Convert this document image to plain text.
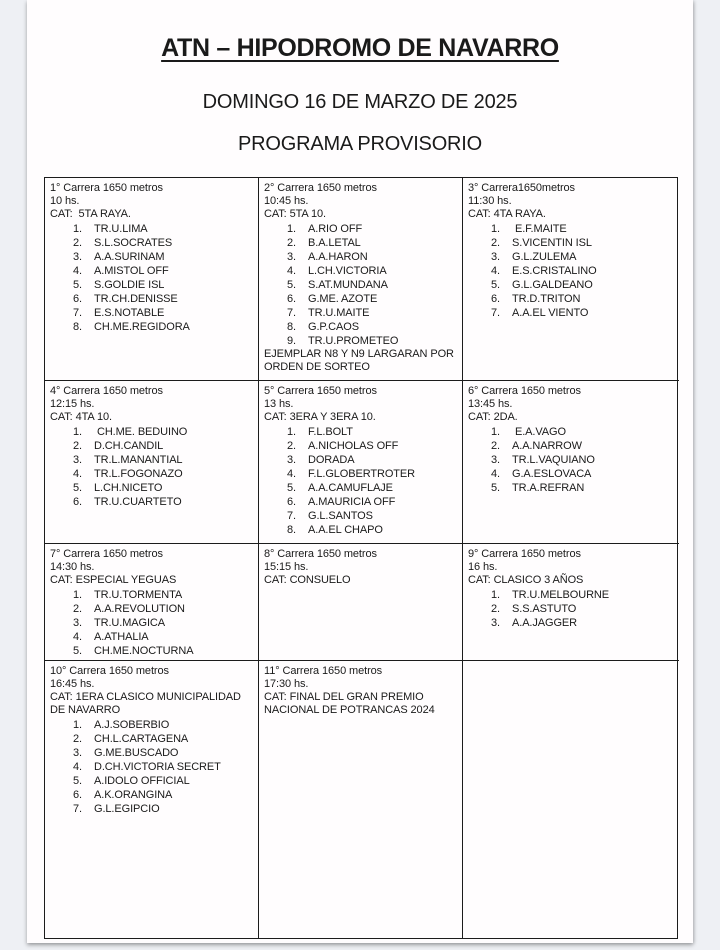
ATN – HIPODROMO DE NAVARRO
DOMINGO 16 DE MARZO DE 2025
PROGRAMA PROVISORIO
1° Carrera 1650 metros
10 hs.
CAT:  5TA RAYA.
1.	TR.U.LIMA
2.	S.L.SOCRATES
3.	A.A.SURINAM
4.	A.MISTOL OFF
5.	S.GOLDIE ISL
6.	TR.CH.DENISSE
7.	E.S.NOTABLE
8.	CH.ME.REGIDORA
2° Carrera 1650 metros
10:45 hs.
CAT: 5TA 10.
1.	A.RIO OFF
2.	B.A.LETAL
3.	A.A.HARON
4.	L.CH.VICTORIA
5.	S.AT.MUNDANA
6.	G.ME. AZOTE
7.	TR.U.MAITE
8.	G.P.CAOS
9.	TR.U.PROMETEO
EJEMPLAR N8 Y N9 LARGARAN POR ORDEN DE SORTEO
3° Carrera1650metros
11:30 hs.
CAT: 4TA RAYA.
1.	E.F.MAITE
2.	S.VICENTIN ISL
3.	G.L.ZULEMA
4.	E.S.CRISTALINO
5.	G.L.GALDEANO
6.	TR.D.TRITON
7.	A.A.EL VIENTO
4° Carrera 1650 metros
12:15 hs.
CAT: 4TA 10.
1.	CH.ME. BEDUINO
2.	D.CH.CANDIL
3.	TR.L.MANANTIAL
4.	TR.L.FOGONAZO
5.	L.CH.NICETO
6.	TR.U.CUARTETO
5° Carrera 1650 metros
13 hs.
CAT: 3ERA Y 3ERA 10.
1.	F.L.BOLT
2.	A.NICHOLAS OFF
3.	DORADA
4.	F.L.GLOBERTROTER
5.	A.A.CAMUFLAJE
6.	A.MAURICIA OFF
7.	G.L.SANTOS
8.	A.A.EL CHAPO
6° Carrera 1650 metros
13:45 hs.
CAT: 2DA.
1.	E.A.VAGO
2.	A.A.NARROW
3.	TR.L.VAQUIANO
4.	G.A.ESLOVACA
5.	TR.A.REFRAN
7° Carrera 1650 metros
14:30 hs.
CAT: ESPECIAL YEGUAS
1.	TR.U.TORMENTA
2.	A.A.REVOLUTION
3.	TR.U.MAGICA
4.	A.ATHALIA
5.	CH.ME.NOCTURNA
8° Carrera 1650 metros
15:15 hs.
CAT: CONSUELO
9° Carrera 1650 metros
16 hs.
CAT: CLASICO 3 AÑOS
1.	TR.U.MELBOURNE
2.	S.S.ASTUTO
3.	A.A.JAGGER
10° Carrera 1650 metros
16:45 hs.
CAT: 1ERA CLASICO MUNICIPALIDAD DE NAVARRO
1.	A.J.SOBERBIO
2.	CH.L.CARTAGENA
3.	G.ME.BUSCADO
4.	D.CH.VICTORIA SECRET
5.	A.IDOLO OFFICIAL
6.	A.K.ORANGINA
7.	G.L.EGIPCIO
11° Carrera 1650 metros
17:30 hs.
CAT: FINAL DEL GRAN PREMIO NACIONAL DE POTRANCAS 2024
